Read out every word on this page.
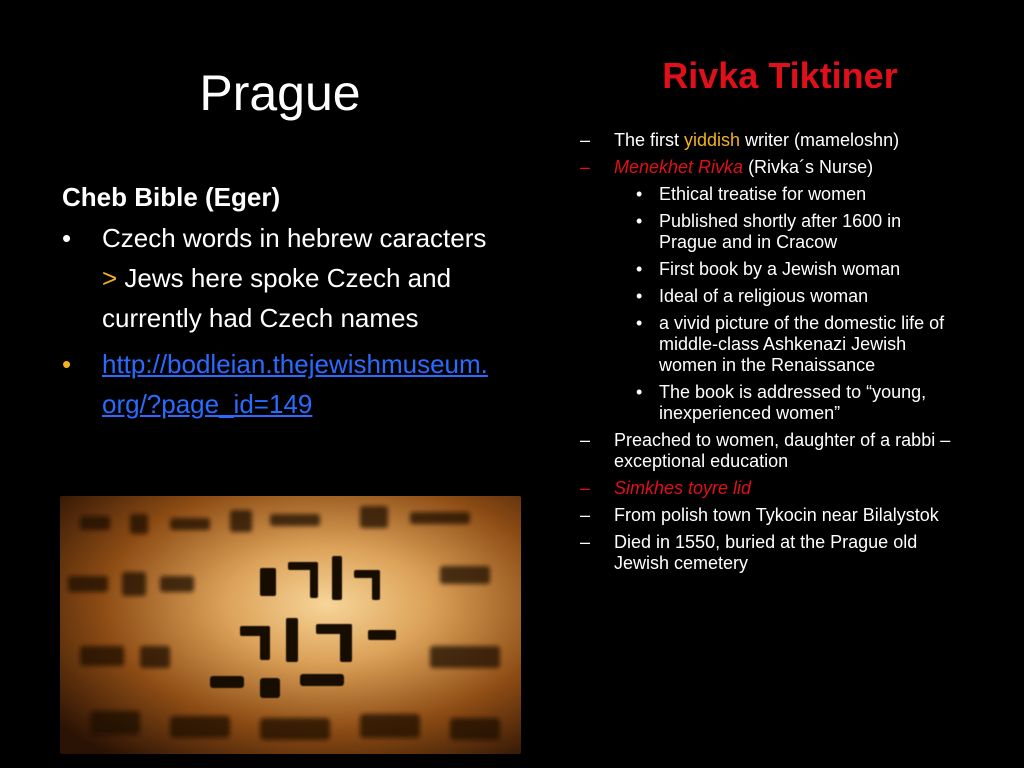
Prague	Rivka Tiktiner
Cheb Bible (Eger)
• Czech words in hebrew caracters > Jews here spoke Czech and currently had Czech names
• http://bodleian.thejewishmuseum.org/?page_id=149
– The first yiddish writer (mameloshn)
– Menekhet Rivka (Rivka´s Nurse)
• Ethical treatise for women
• Published shortly after 1600 in Prague and in Cracow
• First book by a Jewish woman
• Ideal of a religious woman
• a vivid picture of the domestic life of middle-class Ashkenazi Jewish women in the Renaissance
• The book is addressed to “young, inexperienced women”
– Preached to women, daughter of a rabbi – exceptional education
– Simkhes toyre lid
– From polish town Tykocin near Bilalystok
– Died in 1550, buried at the Prague old Jewish cemetery
